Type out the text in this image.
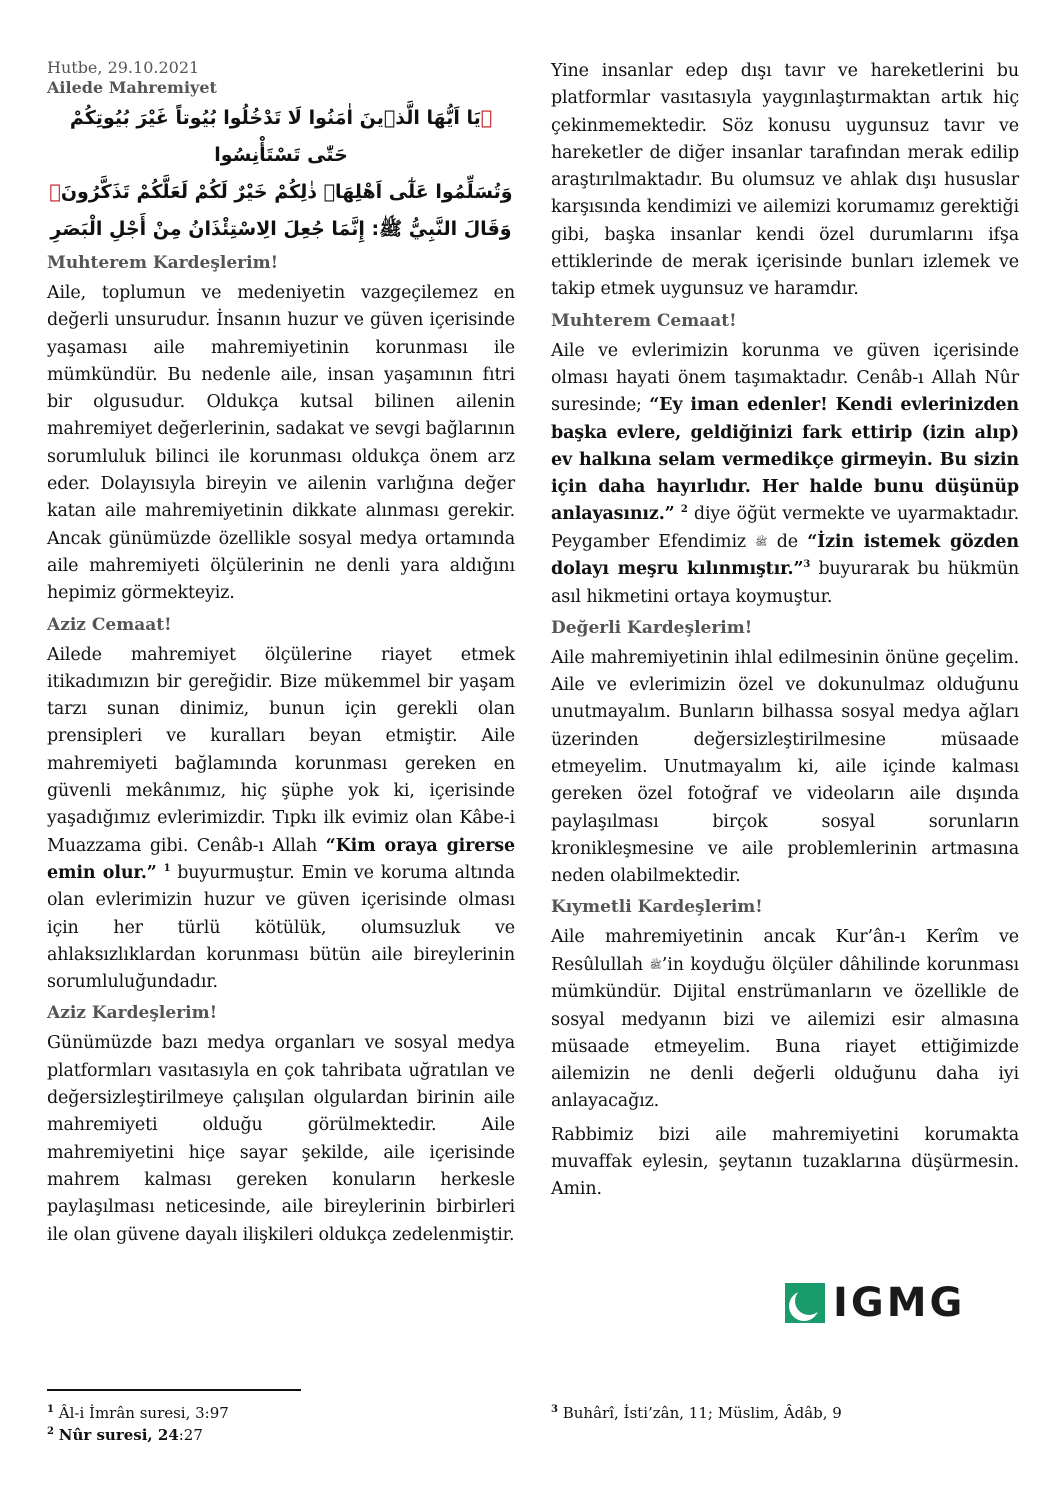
Hutbe, 29.10.2021

Ailede Mahremiyet

﴿يَا اَيُّهَا الَّذ۪ينَ اٰمَنُوا لَا تَدْخُلُوا بُيُوتاً غَيْرَ بُيُوتِكُمْ حَتّٰى تَسْتَأْنِسُوا

وَتُسَلِّمُوا عَلٰٓى اَهْلِهَاۜ ذٰلِكُمْ خَيْرٌ لَكُمْ لَعَلَّكُمْ تَذَكَّرُونَ﴾

وَقَالَ النَّبِيُّ ﷺ: إِنَّمَا جُعِلَ الِاسْتِئْذَانُ مِنْ أَجْلِ الْبَصَرِ

Muhterem Kardeşlerim!

Aile, toplumun ve medeniyetin vazgeçilemez en değerli unsurudur. İnsanın huzur ve güven içerisinde yaşaması aile mahremiyetinin korunması ile mümkündür. Bu nedenle aile, insan yaşamının fıtri bir olgusudur. Oldukça kutsal bilinen ailenin mahremiyet değerlerinin, sadakat ve sevgi bağlarının sorumluluk bilinci ile korunması oldukça önem arz eder. Dolayısıyla bireyin ve ailenin varlığına değer katan aile mahremiyetinin dikkate alınması gerekir. Ancak günümüzde özellikle sosyal medya ortamında aile mahremiyeti ölçülerinin ne denli yara aldığını hepimiz görmekteyiz.

Aziz Cemaat!

Ailede mahremiyet ölçülerine riayet etmek itikadımızın bir gereğidir. Bize mükemmel bir yaşam tarzı sunan dinimiz, bunun için gerekli olan prensipleri ve kuralları beyan etmiştir. Aile mahremiyeti bağlamında korunması gereken en güvenli mekânımız, hiç şüphe yok ki, içerisinde yaşadığımız evlerimizdir. Tıpkı ilk evimiz olan Kâbe-i Muazzama gibi. Cenâb-ı Allah “Kim oraya girerse emin olur.” $^1$ buyurmuştur. Emin ve koruma altında olan evlerimizin huzur ve güven içerisinde olması için her türlü kötülük, olumsuzluk ve ahlaksızlıklardan korunması bütün aile bireylerinin sorumluluğundadır.

Aziz Kardeşlerim!

Günümüzde bazı medya organları ve sosyal medya platformları vasıtasıyla en çok tahribata uğratılan ve değersizleştirilmeye çalışılan olgulardan birinin aile mahremiyeti olduğu görülmektedir. Aile mahremiyetini hiçe sayar şekilde, aile içerisinde mahrem kalması gereken konuların herkesle paylaşılması neticesinde, aile bireylerinin birbirleri ile olan güvene dayalı ilişkileri oldukça zedelenmiştir.

Yine insanlar edep dışı tavır ve hareketlerini bu platformlar vasıtasıyla yaygınlaştırmaktan artık hiç çekinmemektedir. Söz konusu uygunsuz tavır ve hareketler de diğer insanlar tarafından merak edilip araştırılmaktadır. Bu olumsuz ve ahlak dışı hususlar karşısında kendimizi ve ailemizi korumamız gerektiği gibi, başka insanlar kendi özel durumlarını ifşa ettiklerinde de merak içerisinde bunları izlemek ve takip etmek uygunsuz ve haramdır.

Muhterem Cemaat!

Aile ve evlerimizin korunma ve güven içerisinde olması hayati önem taşımaktadır. Cenâb-ı Allah Nûr suresinde; “Ey iman edenler! Kendi evlerinizden başka evlere, geldiğinizi fark ettirip (izin alıp) ev halkına selam vermedikçe girmeyin. Bu sizin için daha hayırlıdır. Her halde bunu düşünüp anlayasınız.” $^2$ diye öğüt vermekte ve uyarmaktadır. Peygamber Efendimiz ﷺ de “İzin istemek gözden dolayı meşru kılınmıştır.”$^3$ buyurarak bu hükmün asıl hikmetini ortaya koymuştur.

Değerli Kardeşlerim!

Aile mahremiyetinin ihlal edilmesinin önüne geçelim. Aile ve evlerimizin özel ve dokunulmaz olduğunu unutmayalım. Bunların bilhassa sosyal medya ağları üzerinden değersizleştirilmesine müsaade etmeyelim. Unutmayalım ki, aile içinde kalması gereken özel fotoğraf ve videoların aile dışında paylaşılması birçok sosyal sorunların kronikleşmesine ve aile problemlerinin artmasına neden olabilmektedir.

Kıymetli Kardeşlerim!

Aile mahremiyetinin ancak Kur’ân-ı Kerîm ve Resûlullah ﷺ’in koyduğu ölçüler dâhilinde korunması mümkündür. Dijital enstrümanların ve özellikle de sosyal medyanın bizi ve ailemizi esir almasına müsaade etmeyelim. Buna riayet ettiğimizde ailemizin ne denli değerli olduğunu daha iyi anlayacağız.

Rabbimiz bizi aile mahremiyetini korumakta muvaffak eylesin, şeytanın tuzaklarına düşürmesin. Amin.

IGMG

$^1$ Âl-i İmrân suresi, 3:97

$^2$ Nûr suresi, 24:27

$^3$ Buhârî, İsti’zân, 11; Müslim, Âdâb, 9
